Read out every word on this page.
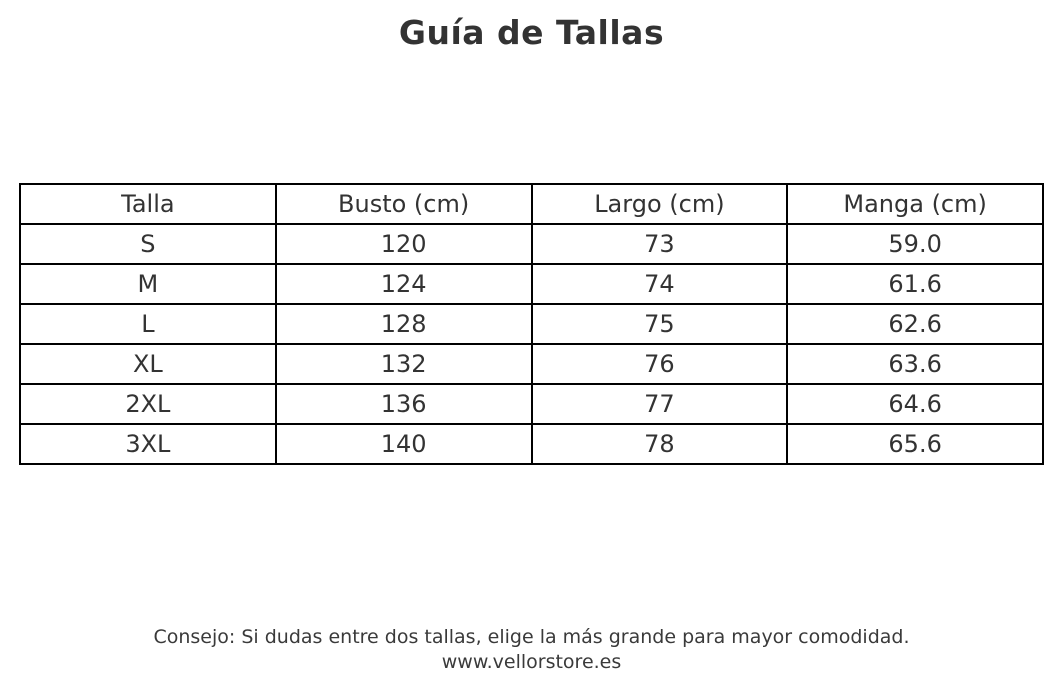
Guía de Tallas
Talla	Busto (cm)	Largo (cm)	Manga (cm)
S	120	73	59.0
M	124	74	61.6
L	128	75	62.6
XL	132	76	63.6
2XL	136	77	64.6
3XL	140	78	65.6
Consejo: Si dudas entre dos tallas, elige la más grande para mayor comodidad.
www.vellorstore.es
